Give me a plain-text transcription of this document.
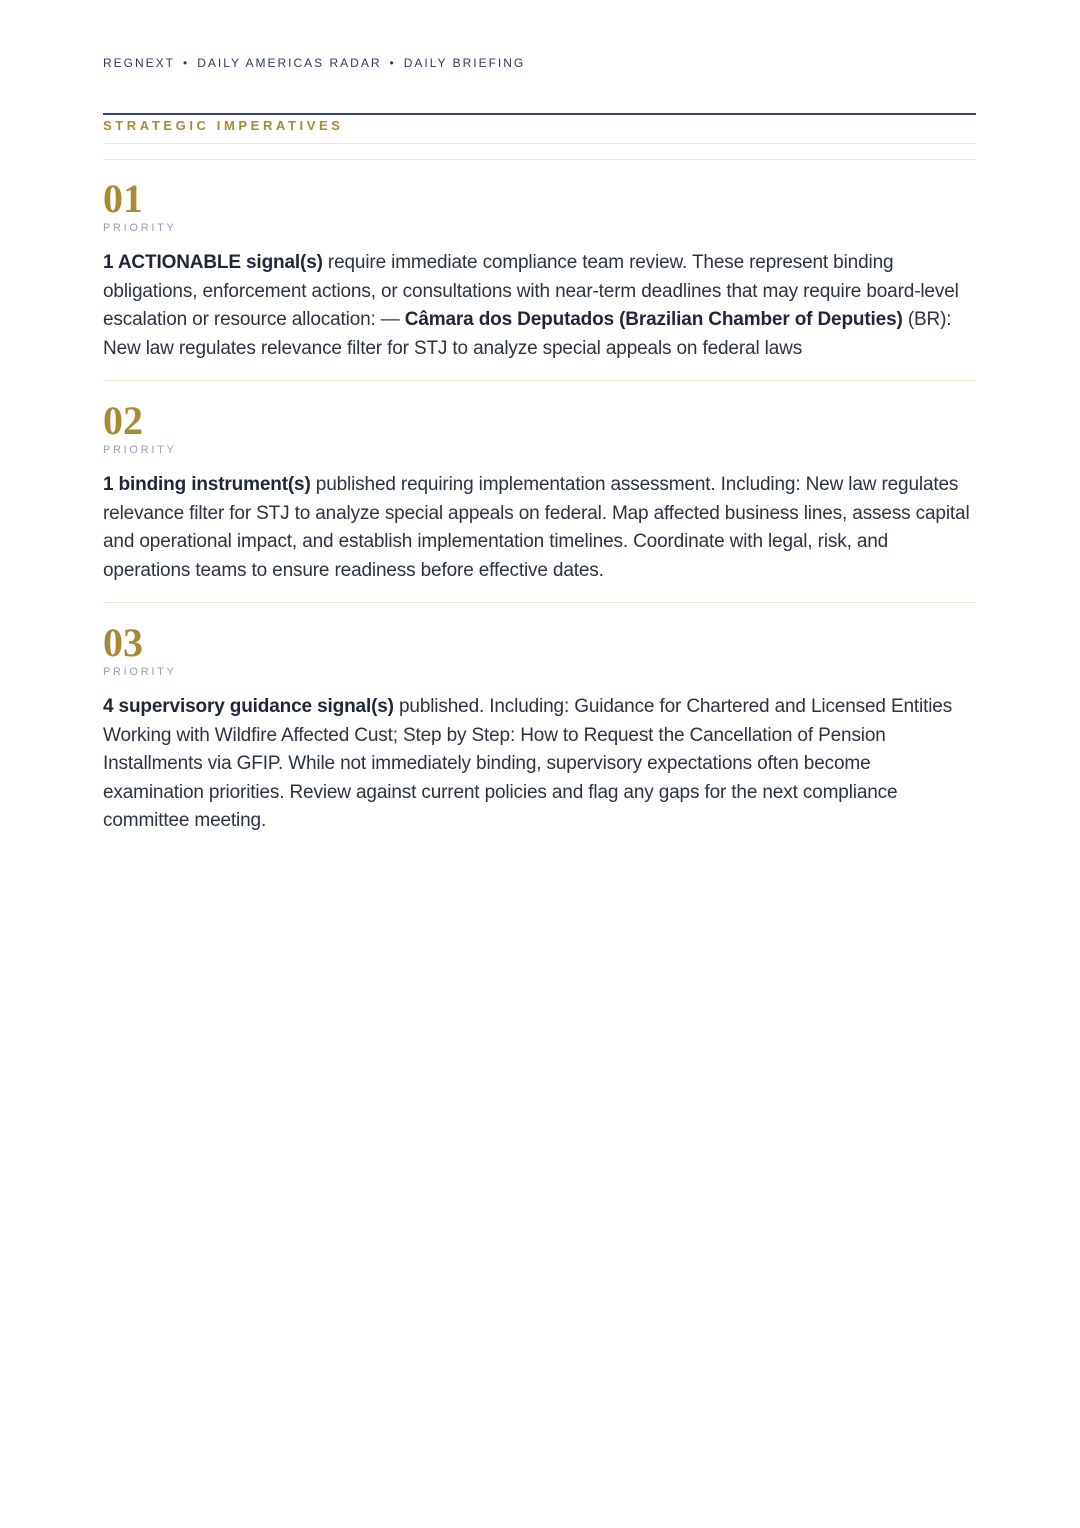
REGNEXT • DAILY AMERICAS RADAR • DAILY BRIEFING
STRATEGIC IMPERATIVES
01
PRIORITY
1 ACTIONABLE signal(s) require immediate compliance team review. These represent binding obligations, enforcement actions, or consultations with near-term deadlines that may require board-level escalation or resource allocation: — Câmara dos Deputados (Brazilian Chamber of Deputies) (BR): New law regulates relevance filter for STJ to analyze special appeals on federal laws
02
PRIORITY
1 binding instrument(s) published requiring implementation assessment. Including: New law regulates relevance filter for STJ to analyze special appeals on federal. Map affected business lines, assess capital and operational impact, and establish implementation timelines. Coordinate with legal, risk, and operations teams to ensure readiness before effective dates.
03
PRIORITY
4 supervisory guidance signal(s) published. Including: Guidance for Chartered and Licensed Entities Working with Wildfire Affected Cust; Step by Step: How to Request the Cancellation of Pension Installments via GFIP. While not immediately binding, supervisory expectations often become examination priorities. Review against current policies and flag any gaps for the next compliance committee meeting.
